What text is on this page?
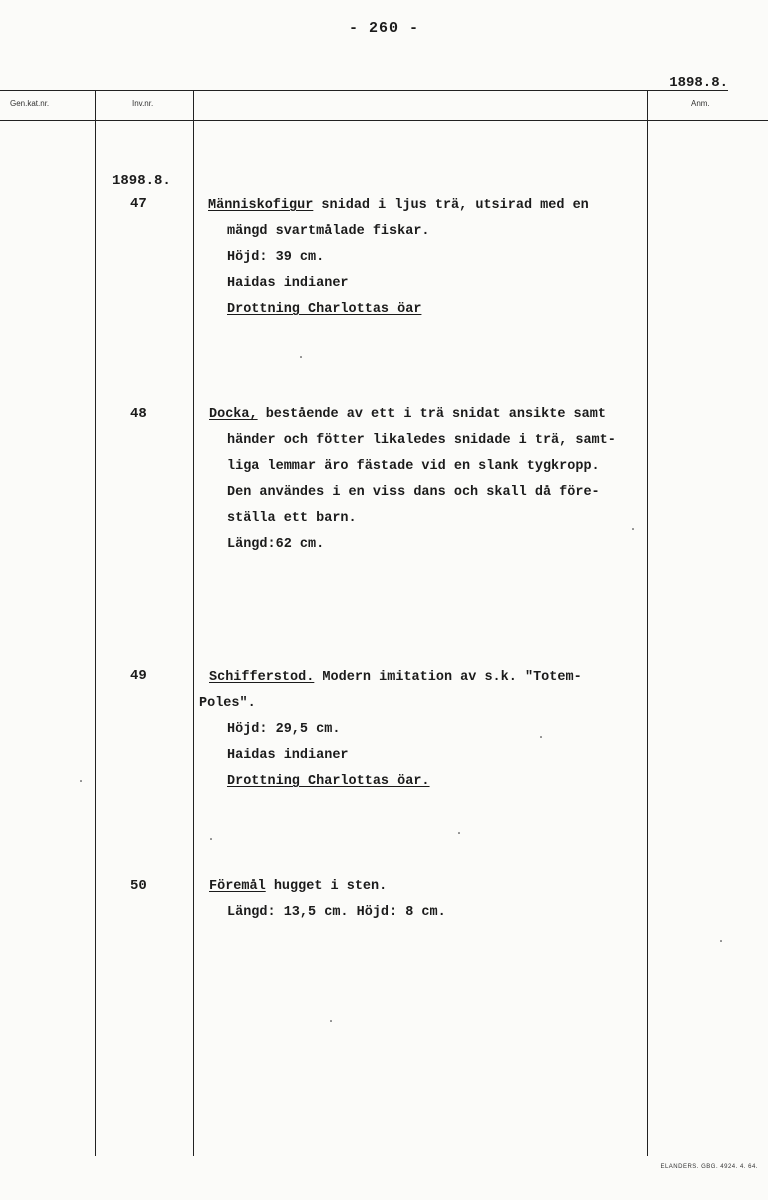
- 260 -
1898.8.
Gen.kat.nr.	Inv.nr.	Anm.
1898.8.
47	Människofigur snidad i ljus trä, utsirad med en
mängd svartmålade fiskar.
Höjd: 39 cm.
Haidas indianer
Drottning Charlottas öar
48	Docka, bestående av ett i trä snidat ansikte samt
händer och fötter likaledes snidade i trä, samt-
liga lemmar äro fästade vid en slank tygkropp.
Den användes i en viss dans och skall då före-
ställa ett barn.
Längd:62 cm.
49	Schifferstod. Modern imitation av s.k. "Totem-
Poles".
Höjd: 29,5 cm.
Haidas indianer
Drottning Charlottas öar.
50	Föremål hugget i sten.
Längd: 13,5 cm. Höjd: 8 cm.
ELANDERS. GBG. 4924. 4. 64.
